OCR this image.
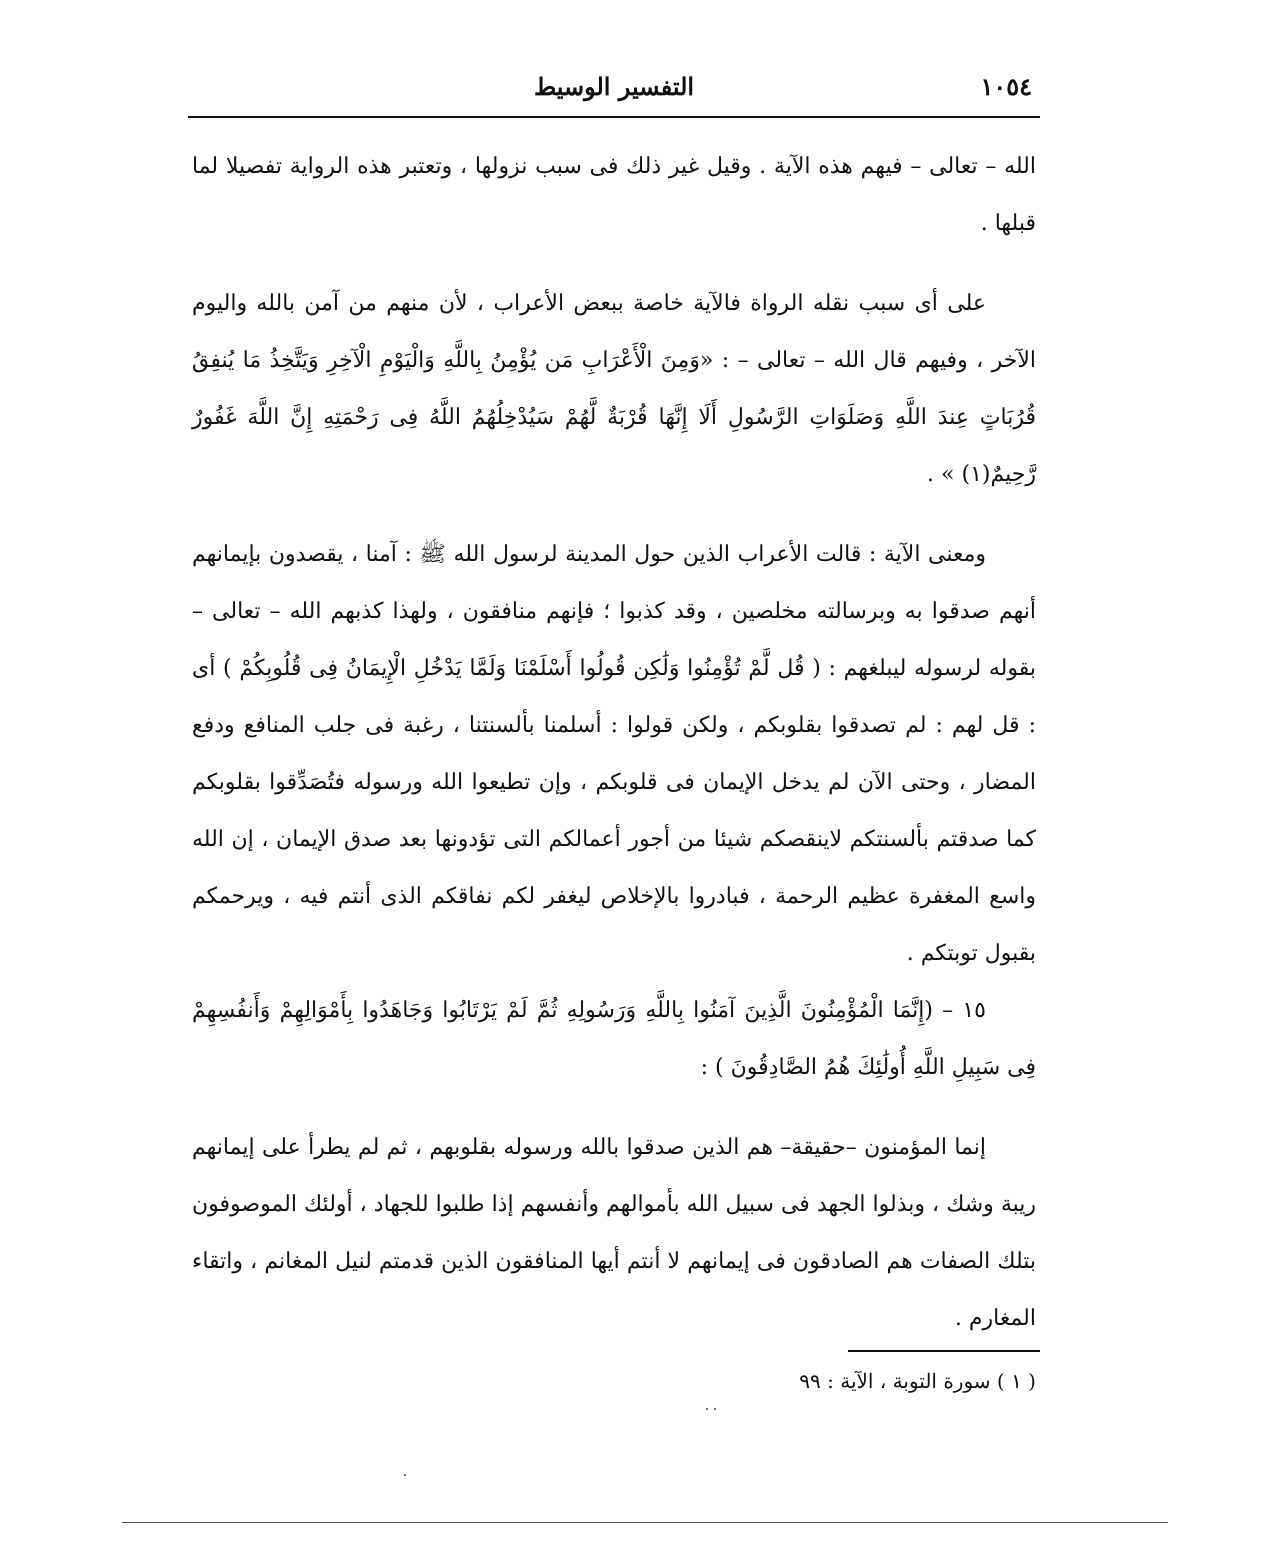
١٠٥٤
التفسير الوسيط

الله – تعالى – فيهم هذه الآية . وقيل غير ذلك فى سبب نزولها ، وتعتبر هذه الرواية تفصيلا لما قبلها .

على أى سبب نقله الرواة فالآية خاصة ببعض الأعراب ، لأن منهم من آمن بالله واليوم الآخر ، وفيهم قال الله – تعالى – : «وَمِنَ الْأَعْرَابِ مَن يُؤْمِنُ بِاللَّهِ وَالْيَوْمِ الْآخِرِ وَيَتَّخِذُ مَا يُنفِقُ قُرُبَاتٍ عِندَ اللَّهِ وَصَلَوَاتِ الرَّسُولِ أَلَا إِنَّهَا قُرْبَةٌ لَّهُمْ سَيُدْخِلُهُمُ اللَّهُ فِى رَحْمَتِهِ إِنَّ اللَّهَ غَفُورٌ رَّحِيمٌ(١) » .

ومعنى الآية : قالت الأعراب الذين حول المدينة لرسول الله ﷺ : آمنا ، يقصدون بإيمانهم أنهم صدقوا به وبرسالته مخلصين ، وقد كذبوا ؛ فإنهم منافقون ، ولهذا كذبهم الله – تعالى – بقوله لرسوله ليبلغهم : ( قُل لَّمْ تُؤْمِنُوا وَلَٰكِن قُولُوا أَسْلَمْنَا وَلَمَّا يَدْخُلِ الْإِيمَانُ فِى قُلُوبِكُمْ ) أى : قل لهم : لم تصدقوا بقلوبكم ، ولكن قولوا : أسلمنا بألسنتنا ، رغبة فى جلب المنافع ودفع المضار ، وحتى الآن لم يدخل الإيمان فى قلوبكم ، وإن تطيعوا الله ورسوله فتُصَدِّقوا بقلوبكم كما صدقتم بألسنتكم لاينقصكم شيئا من أجور أعمالكم التى تؤدونها بعد صدق الإيمان ، إن الله واسع المغفرة عظيم الرحمة ، فبادروا بالإخلاص ليغفر لكم نفاقكم الذى أنتم فيه ، ويرحمكم بقبول توبتكم .

١٥ – (إِنَّمَا الْمُؤْمِنُونَ الَّذِينَ آمَنُوا بِاللَّهِ وَرَسُولِهِ ثُمَّ لَمْ يَرْتَابُوا وَجَاهَدُوا بِأَمْوَالِهِمْ وَأَنفُسِهِمْ فِى سَبِيلِ اللَّهِ أُولَٰئِكَ هُمُ الصَّادِقُونَ ) :

إنما المؤمنون –حقيقة– هم الذين صدقوا بالله ورسوله بقلوبهم ، ثم لم يطرأ على إيمانهم ريبة وشك ، وبذلوا الجهد فى سبيل الله بأموالهم وأنفسهم إذا طلبوا للجهاد ، أولئك الموصوفون بتلك الصفات هم الصادقون فى إيمانهم لا أنتم أيها المنافقون الذين قدمتم لنيل المغانم ، واتقاء المغارم .

( ١ ) سورة التوبة ، الآية : ٩٩
